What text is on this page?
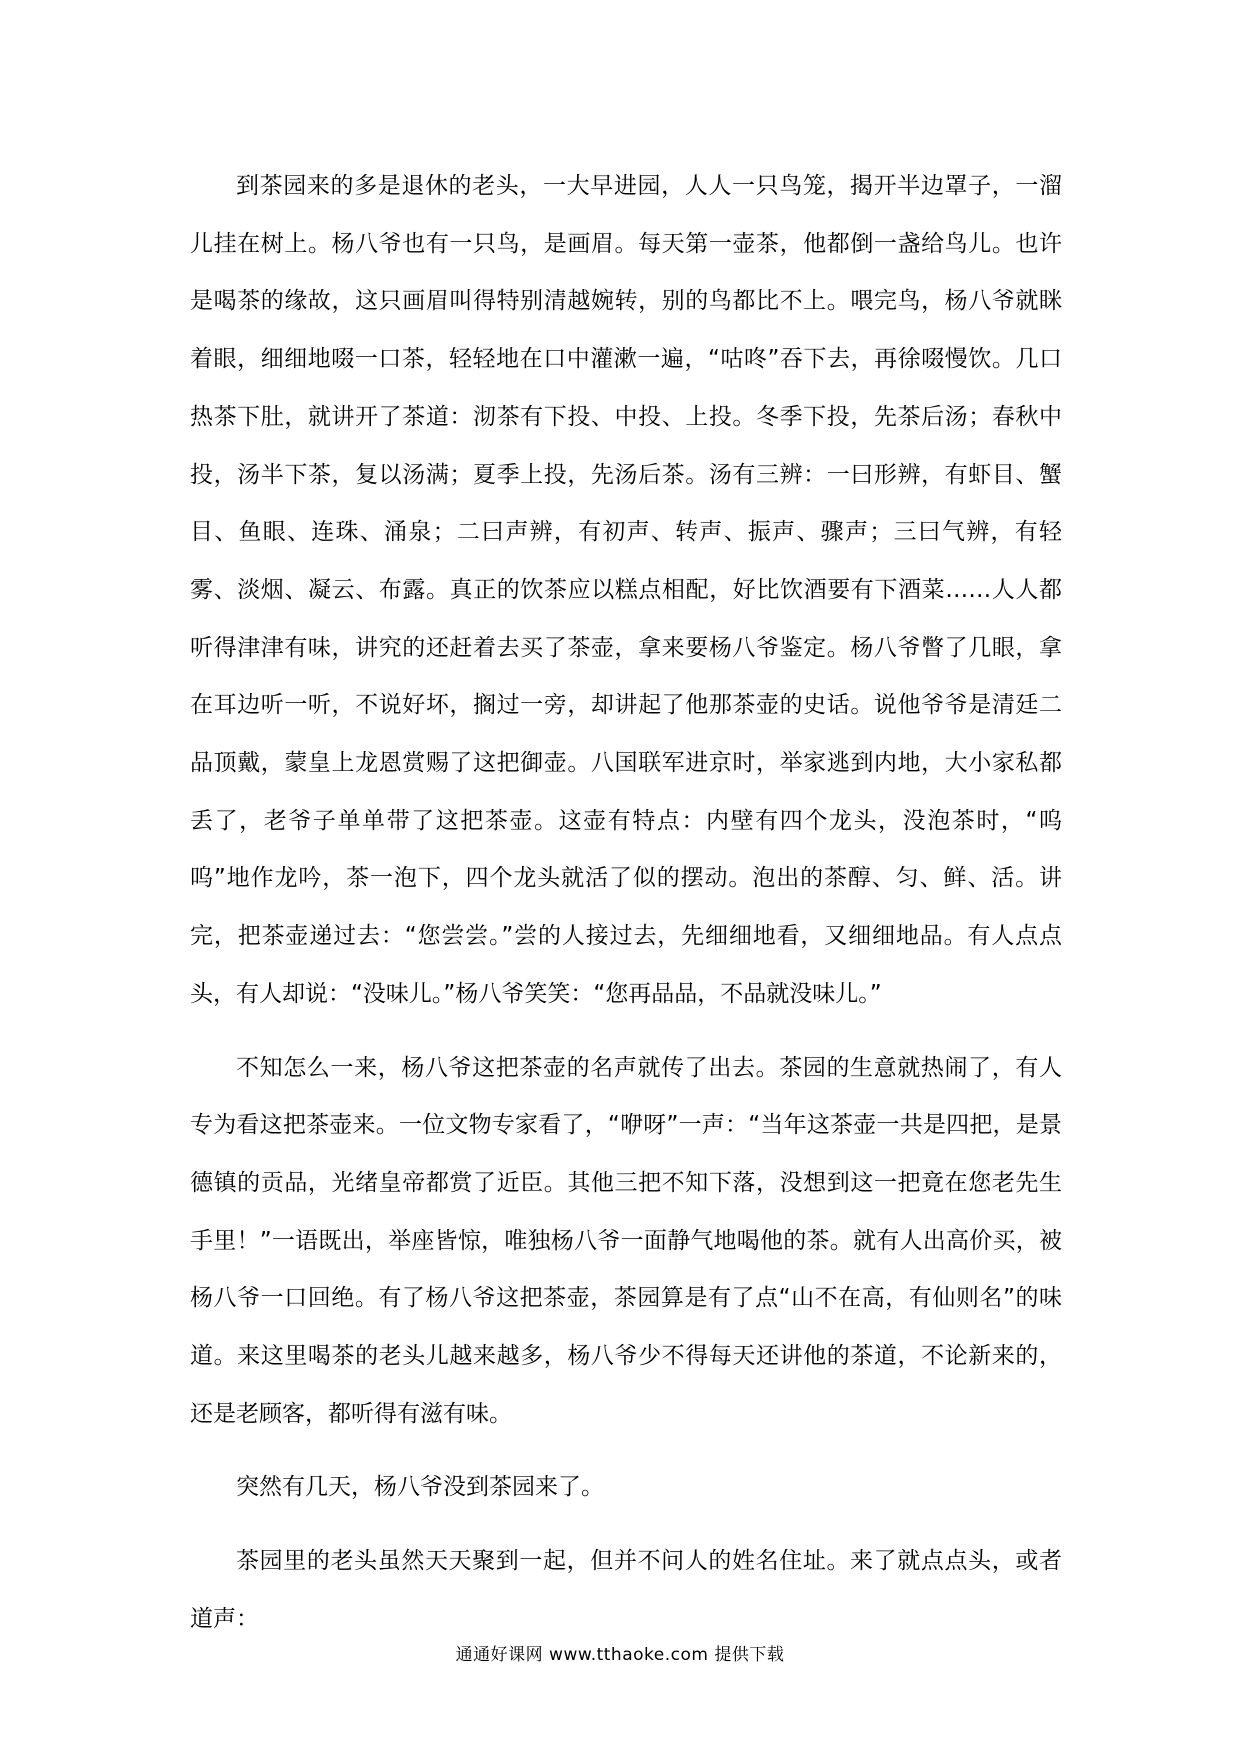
到茶园来的多是退休的老头，一大早进园，人人一只鸟笼，揭开半边罩子，一溜儿挂在树上。杨八爷也有一只鸟，是画眉。每天第一壶茶，他都倒一盏给鸟儿。也许是喝茶的缘故，这只画眉叫得特别清越婉转，别的鸟都比不上。喂完鸟，杨八爷就眯着眼，细细地啜一口茶，轻轻地在口中灌漱一遍，“咕咚”吞下去，再徐啜慢饮。几口热茶下肚，就讲开了茶道：沏茶有下投、中投、上投。冬季下投，先茶后汤；春秋中投，汤半下茶，复以汤满；夏季上投，先汤后茶。汤有三辨：一曰形辨，有虾目、蟹目、鱼眼、连珠、涌泉；二曰声辨，有初声、转声、振声、骤声；三曰气辨，有轻雾、淡烟、凝云、布露。真正的饮茶应以糕点相配，好比饮酒要有下酒菜……人人都听得津津有味，讲究的还赶着去买了茶壶，拿来要杨八爷鉴定。杨八爷瞥了几眼，拿在耳边听一听，不说好坏，搁过一旁，却讲起了他那茶壶的史话。说他爷爷是清廷二品顶戴，蒙皇上龙恩赏赐了这把御壶。八国联军进京时，举家逃到内地，大小家私都丢了，老爷子单单带了这把茶壶。这壶有特点：内壁有四个龙头，没泡茶时，“呜呜”地作龙吟，茶一泡下，四个龙头就活了似的摆动。泡出的茶醇、匀、鲜、活。讲完，把茶壶递过去：“您尝尝。”尝的人接过去，先细细地看，又细细地品。有人点点头，有人却说：“没味儿。”杨八爷笑笑：“您再品品，不品就没味儿。”

不知怎么一来，杨八爷这把茶壶的名声就传了出去。茶园的生意就热闹了，有人专为看这把茶壶来。一位文物专家看了，“咿呀”一声：“当年这茶壶一共是四把，是景德镇的贡品，光绪皇帝都赏了近臣。其他三把不知下落，没想到这一把竟在您老先生手里！”一语既出，举座皆惊，唯独杨八爷一面静气地喝他的茶。就有人出高价买，被杨八爷一口回绝。有了杨八爷这把茶壶，茶园算是有了点“山不在高，有仙则名”的味道。来这里喝茶的老头儿越来越多，杨八爷少不得每天还讲他的茶道，不论新来的，还是老顾客，都听得有滋有味。

突然有几天，杨八爷没到茶园来了。

茶园里的老头虽然天天聚到一起，但并不问人的姓名住址。来了就点点头，或者道声：

通通好课网 www.tthaoke.com 提供下载
